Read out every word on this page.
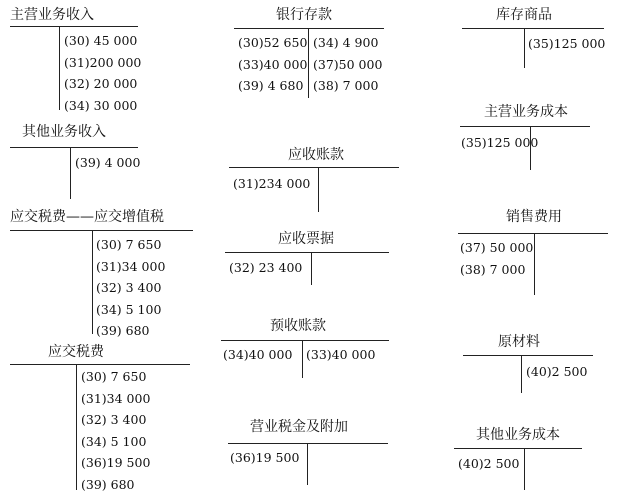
主营业务收入
(30) 45 000
(31)200 000
(32) 20 000
(34) 30 000
其他业务收入
(39) 4 000
应交税费——应交增值税
(30) 7 650
(31)34 000
(32) 3 400
(34) 5 100
(39) 680
应交税费
(30) 7 650
(31)34 000
(32) 3 400
(34) 5 100
(36)19 500
(39) 680
银行存款
(30)52 650
(33)40 000
(39) 4 680
(34) 4 900
(37)50 000
(38) 7 000
应收账款
(31)234 000
应收票据
(32) 23 400
预收账款
(34)40 000 (33)40 000
营业税金及附加
(36)19 500
库存商品
(35)125 000
主营业务成本
(35)125 000
销售费用
(37) 50 000
(38) 7 000
原材料
(40)2 500
其他业务成本
(40)2 500
